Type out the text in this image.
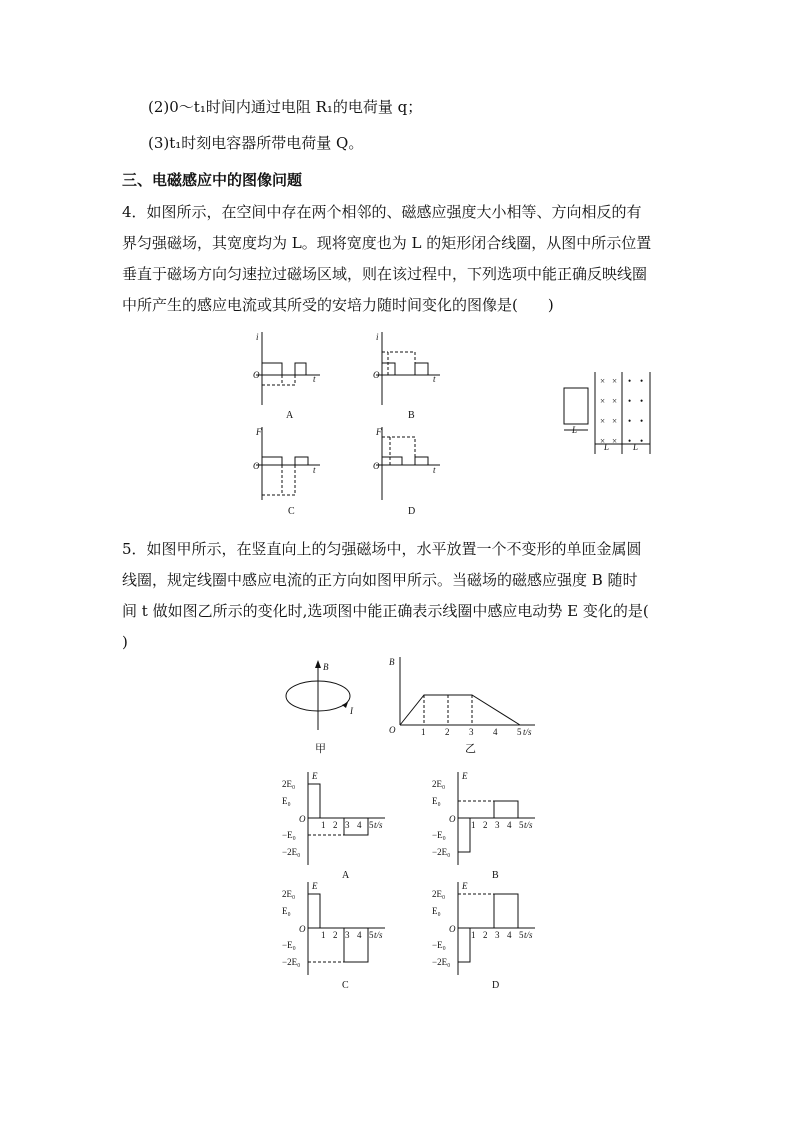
(2)0～t₁时间内通过电阻 R₁的电荷量 q；
(3)t₁时刻电容器所带电荷量 Q。
三、电磁感应中的图像问题
4．如图所示，在空间中存在两个相邻的、磁感应强度大小相等、方向相反的有
界匀强磁场，其宽度均为 L。现将宽度也为 L 的矩形闭合线圈，从图中所示位置
垂直于磁场方向匀速拉过磁场区域，则在该过程中，下列选项中能正确反映线圈
中所产生的感应电流或其所受的安培力随时间变化的图像是(　　)
i
O	t
A
i
O	t
B
F
O	t
C
F
O	t
D
× ×
× ×
× ×
× ×
• •
• •
• •
• •
L
L	L
5．如图甲所示，在竖直向上的匀强磁场中，水平放置一个不变形的单匝金属圆
线圈，规定线圈中感应电流的正方向如图甲所示。当磁场的磁感应强度 B 随时
间 t 做如图乙所示的变化时,选项图中能正确表示线圈中感应电动势 E 变化的是(
)
B
I
甲
B
O	t/s
1 2 3 4 5
乙
E
O
t/s
2E₀
E₀
−E₀
−2E₀
1 2 3 4 5
A
E
O
t/s
2E₀
E₀
−E₀
−2E₀
1 2 3 4 5
B
E
O
t/s
2E₀
E₀
−E₀
−2E₀
1 2 3 4 5
C
E
O
t/s
2E₀
E₀
−E₀
−2E₀
1 2 3 4 5
D
